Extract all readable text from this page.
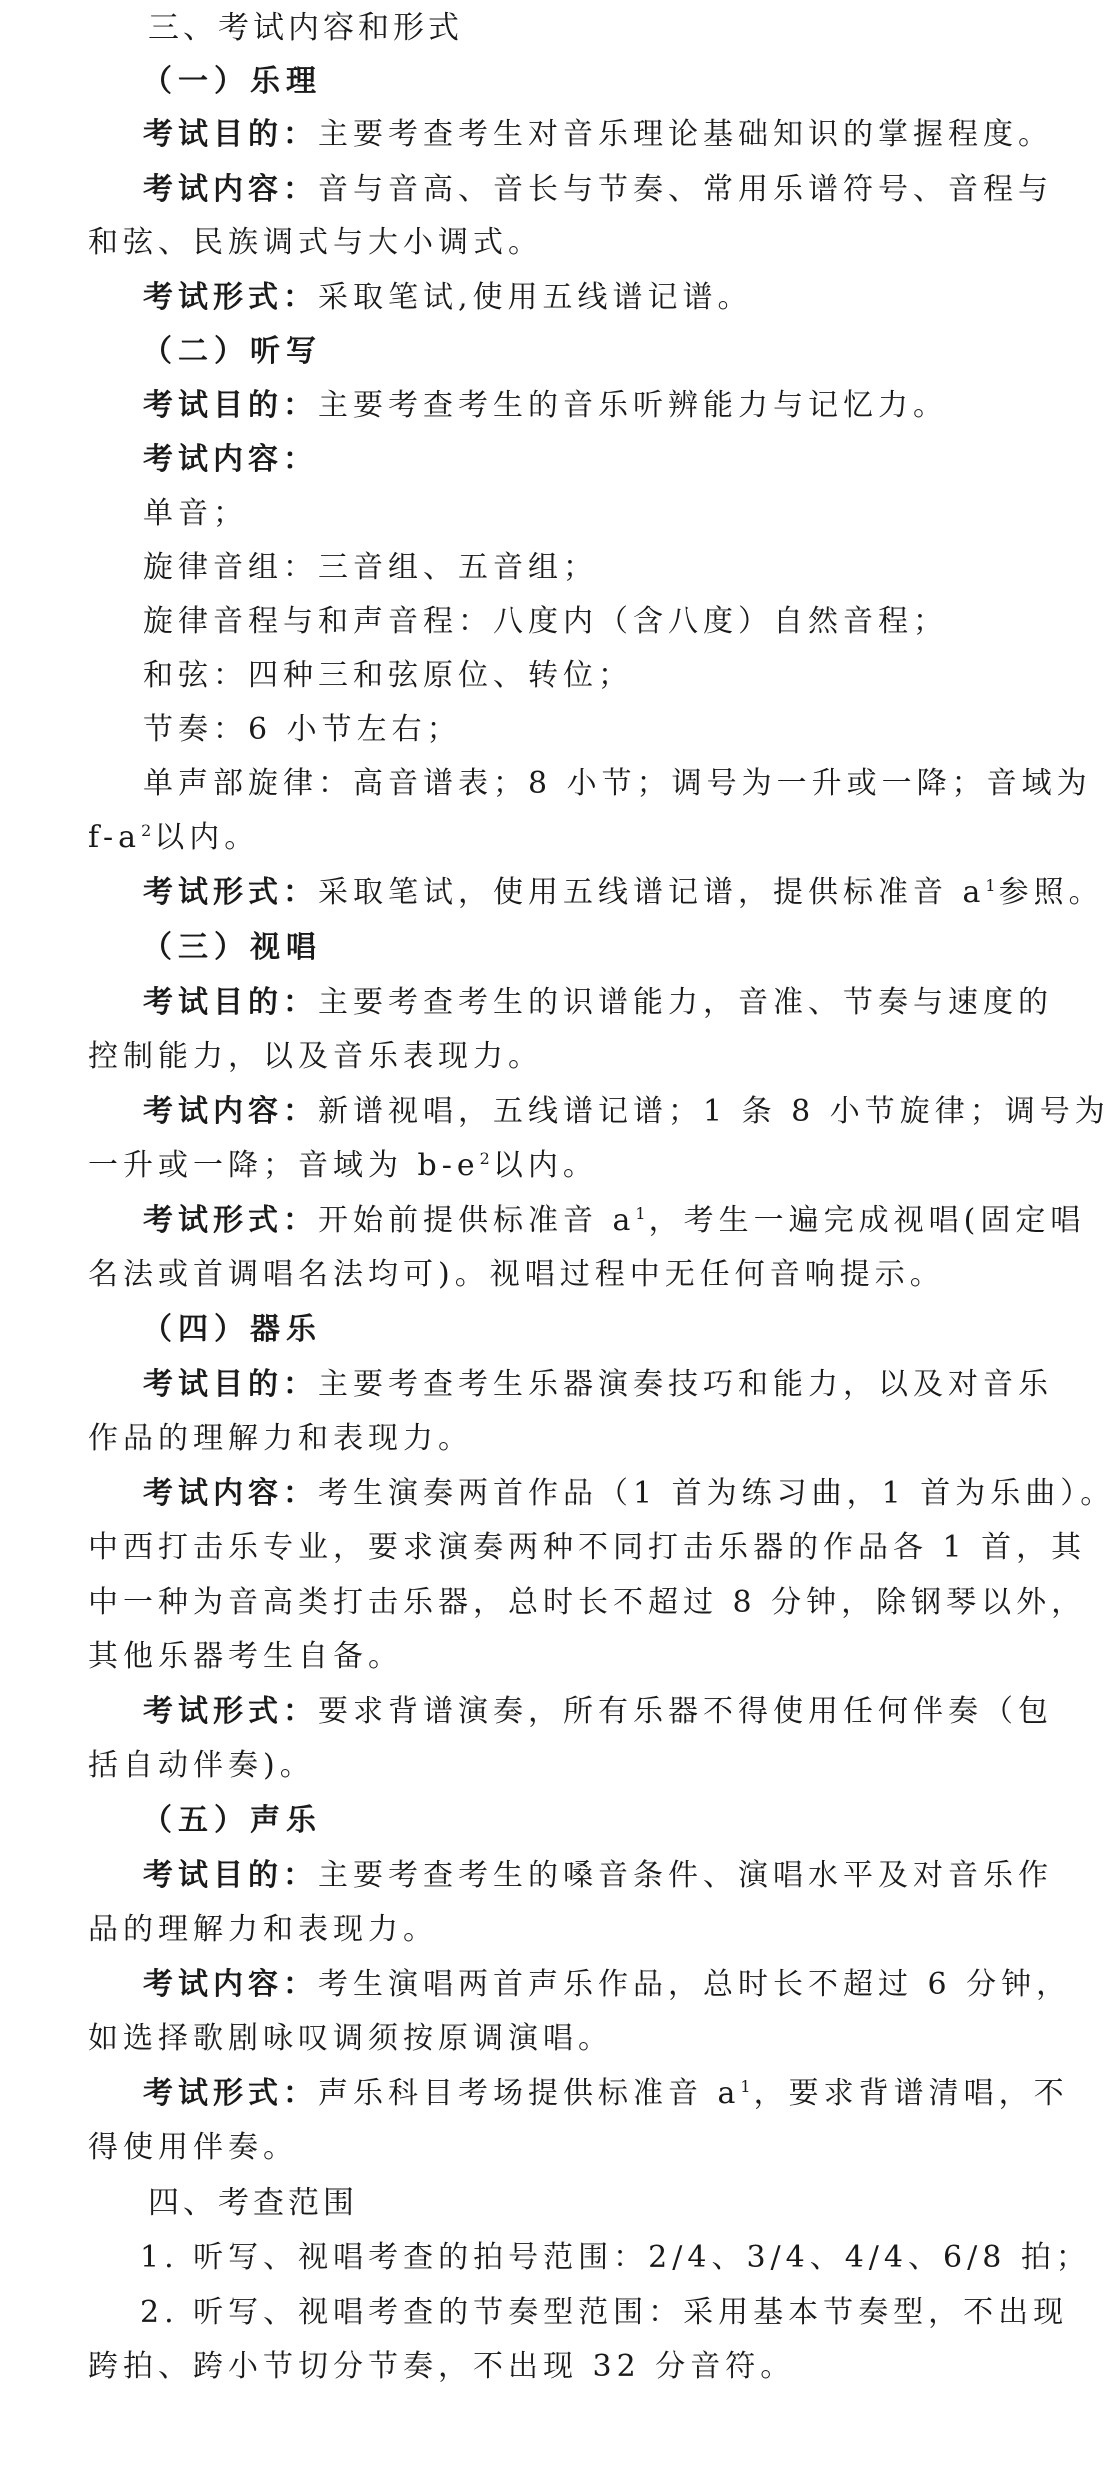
三、考试内容和形式
（一）乐理
考试目的：主要考查考生对音乐理论基础知识的掌握程度。
考试内容：音与音高、音长与节奏、常用乐谱符号、音程与
和弦、民族调式与大小调式。
考试形式：采取笔试,使用五线谱记谱。
（二）听写
考试目的：主要考查考生的音乐听辨能力与记忆力。
考试内容：
单音；
旋律音组：三音组、五音组；
旋律音程与和声音程：八度内（含八度）自然音程；
和弦：四种三和弦原位、转位；
节奏：6 小节左右；
单声部旋律：高音谱表；8 小节；调号为一升或一降；音域为
$f-a^2$ 以内。
考试形式：采取笔试，使用五线谱记谱，提供标准音 $a^1$ 参照。
（三）视唱
考试目的：主要考查考生的识谱能力，音准、节奏与速度的
控制能力，以及音乐表现力。
考试内容：新谱视唱，五线谱记谱；1 条 8 小节旋律；调号为
一升或一降；音域为 $b-e^2$ 以内。
考试形式：开始前提供标准音 $a^1$ ，考生一遍完成视唱(固定唱
名法或首调唱名法均可)。视唱过程中无任何音响提示。
（四）器乐
考试目的：主要考查考生乐器演奏技巧和能力，以及对音乐
作品的理解力和表现力。
考试内容：考生演奏两首作品（1 首为练习曲，1 首为乐曲）。
中西打击乐专业，要求演奏两种不同打击乐器的作品各 1 首，其
中一种为音高类打击乐器，总时长不超过 8 分钟，除钢琴以外，
其他乐器考生自备。
考试形式：要求背谱演奏，所有乐器不得使用任何伴奏（包
括自动伴奏)。
（五）声乐
考试目的：主要考查考生的嗓音条件、演唱水平及对音乐作
品的理解力和表现力。
考试内容：考生演唱两首声乐作品，总时长不超过 6 分钟，
如选择歌剧咏叹调须按原调演唱。
考试形式：声乐科目考场提供标准音 $a^1$ ，要求背谱清唱，不
得使用伴奏。
四、考查范围
1. 听写、视唱考查的拍号范围：2/4、3/4、4/4、6/8 拍；
2. 听写、视唱考查的节奏型范围：采用基本节奏型，不出现
跨拍、跨小节切分节奏，不出现 32 分音符。
